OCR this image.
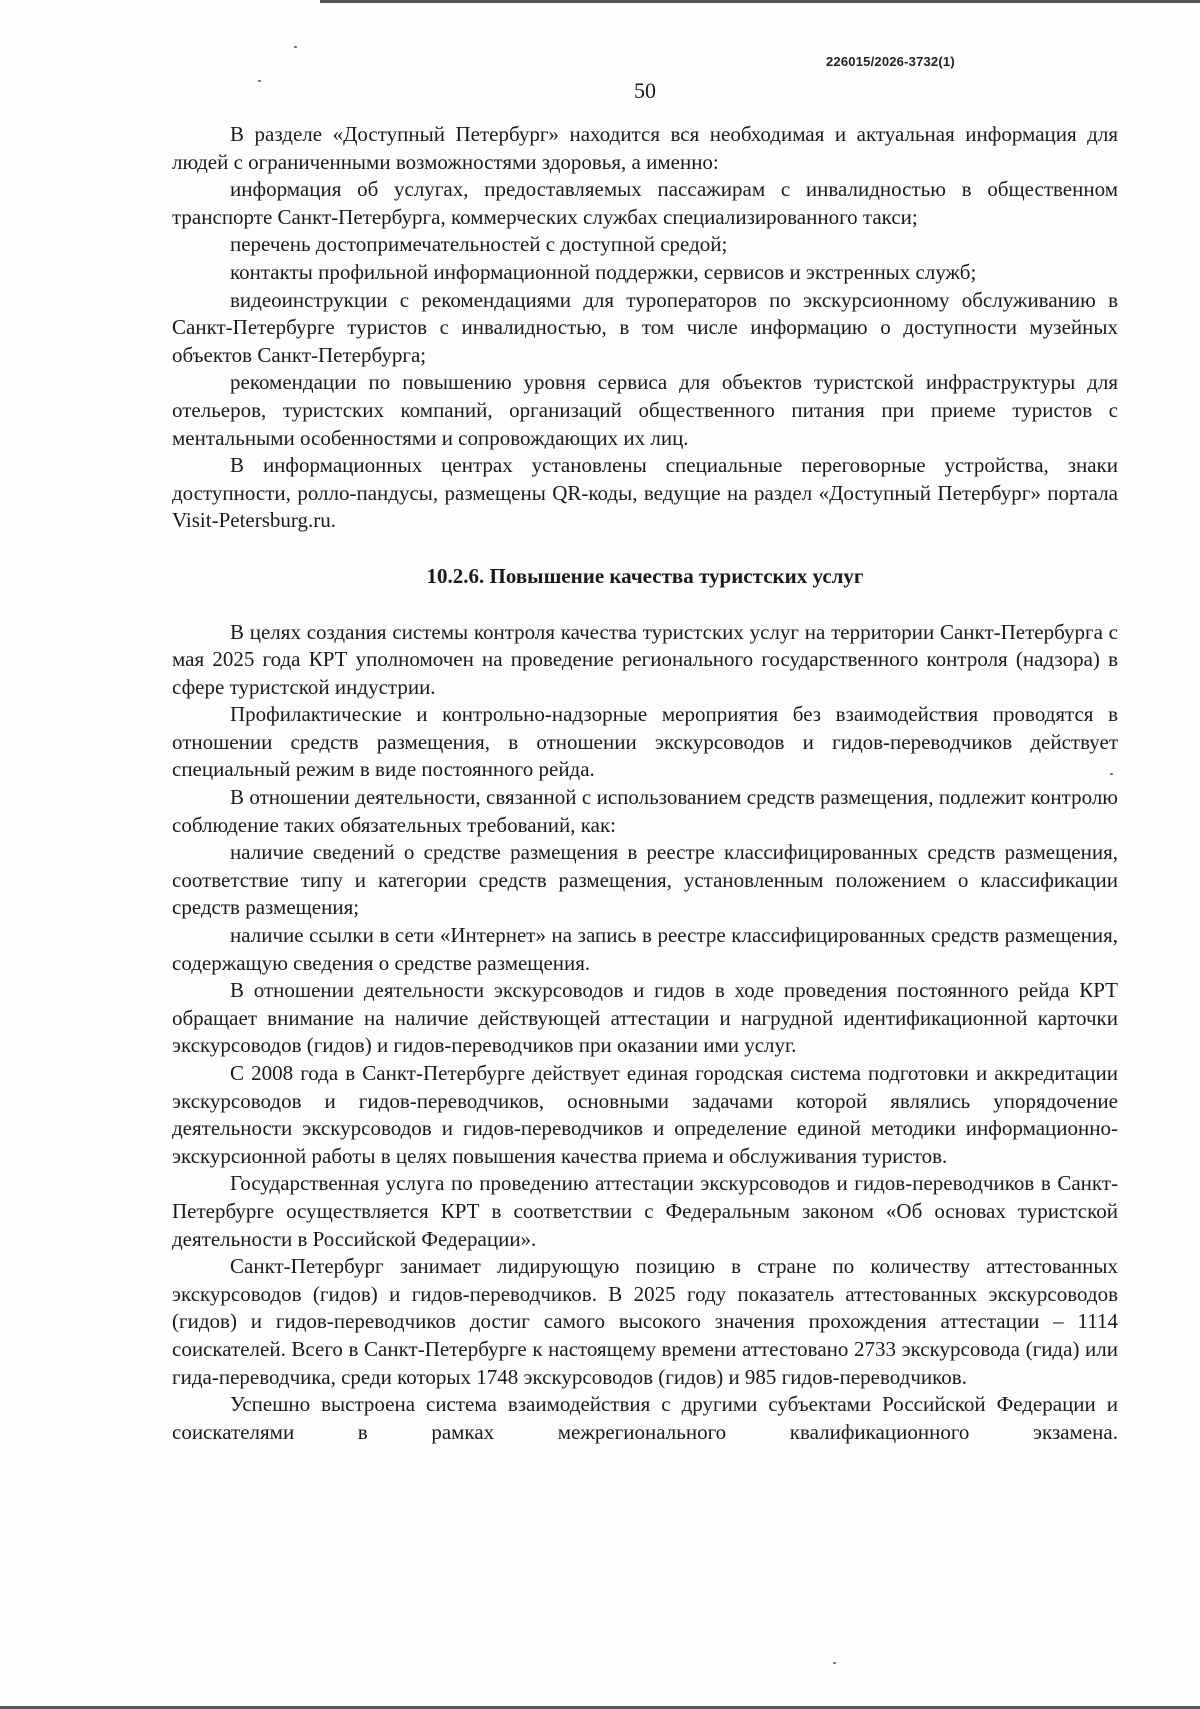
226015/2026-3732(1)
50

В разделе «Доступный Петербург» находится вся необходимая и актуальная информация для людей с ограниченными возможностями здоровья, а именно:

информация об услугах, предоставляемых пассажирам с инвалидностью в общественном транспорте Санкт-Петербурга, коммерческих службах специализированного такси;

перечень достопримечательностей с доступной средой;

контакты профильной информационной поддержки, сервисов и экстренных служб;

видеоинструкции с рекомендациями для туроператоров по экскурсионному обслуживанию в Санкт-Петербурге туристов с инвалидностью, в том числе информацию о доступности музейных объектов Санкт-Петербурга;

рекомендации по повышению уровня сервиса для объектов туристской инфраструктуры для отельеров, туристских компаний, организаций общественного питания при приеме туристов с ментальными особенностями и сопровождающих их лиц.

В информационных центрах установлены специальные переговорные устройства, знаки доступности, ролло-пандусы, размещены QR-коды, ведущие на раздел «Доступный Петербург» портала Visit-Petersburg.ru.

10.2.6. Повышение качества туристских услуг

В целях создания системы контроля качества туристских услуг на территории Санкт-Петербурга с мая 2025 года КРТ уполномочен на проведение регионального государственного контроля (надзора) в сфере туристской индустрии.

Профилактические и контрольно-надзорные мероприятия без взаимодействия проводятся в отношении средств размещения, в отношении экскурсоводов и гидов-переводчиков действует специальный режим в виде постоянного рейда.

В отношении деятельности, связанной с использованием средств размещения, подлежит контролю соблюдение таких обязательных требований, как:

наличие сведений о средстве размещения в реестре классифицированных средств размещения, соответствие типу и категории средств размещения, установленным положением о классификации средств размещения;

наличие ссылки в сети «Интернет» на запись в реестре классифицированных средств размещения, содержащую сведения о средстве размещения.

В отношении деятельности экскурсоводов и гидов в ходе проведения постоянного рейда КРТ обращает внимание на наличие действующей аттестации и нагрудной идентификационной карточки экскурсоводов (гидов) и гидов-переводчиков при оказании ими услуг.

С 2008 года в Санкт-Петербурге действует единая городская система подготовки и аккредитации экскурсоводов и гидов-переводчиков, основными задачами которой являлись упорядочение деятельности экскурсоводов и гидов-переводчиков и определение единой методики информационно-экскурсионной работы в целях повышения качества приема и обслуживания туристов.

Государственная услуга по проведению аттестации экскурсоводов и гидов-переводчиков в Санкт-Петербурге осуществляется КРТ в соответствии с Федеральным законом «Об основах туристской деятельности в Российской Федерации».

Санкт-Петербург занимает лидирующую позицию в стране по количеству аттестованных экскурсоводов (гидов) и гидов-переводчиков. В 2025 году показатель аттестованных экскурсоводов (гидов) и гидов-переводчиков достиг самого высокого значения прохождения аттестации – 1114 соискателей. Всего в Санкт-Петербурге к настоящему времени аттестовано 2733 экскурсовода (гида) или гида-переводчика, среди которых 1748 экскурсоводов (гидов) и 985 гидов-переводчиков.

Успешно выстроена система взаимодействия с другими субъектами Российской Федерации и соискателями в рамках межрегионального квалификационного экзамена.
